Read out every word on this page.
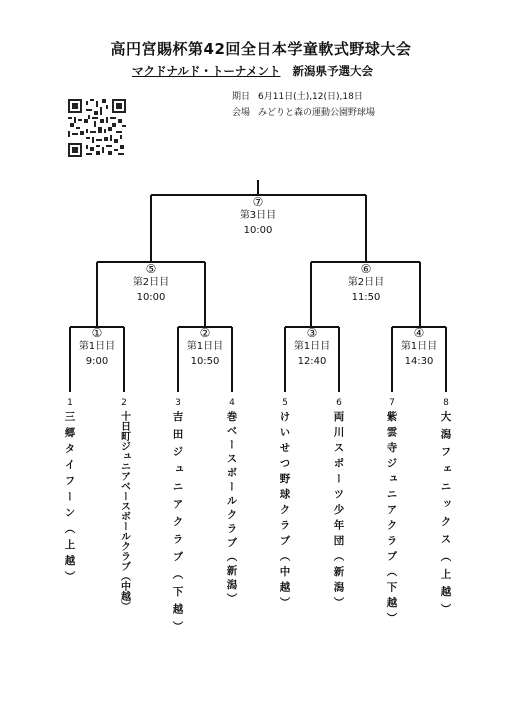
高円宮賜杯第42回全日本学童軟式野球大会
マクドナルド・トーナメント 新潟県予選大会
期日 6月11日(土),12(日),18日
会場 みどりと森の運動公園野球場
⑦
第3日目
10:00
⑤
第2日目
10:00
⑥
第2日目
11:50
①
第1日目
9:00
②
第1日目
10:50
③
第1日目
12:40
④
第1日目
14:30
1
三郷タイフーン（上越）
2
十日町ジュニアベースボールクラブ（中越）
3
吉田ジュニアクラブ（下越）
4
巻ベースボールクラブ（新潟）
5
けいせつ野球クラブ（中越）
6
両川スポーツ少年団（新潟）
7
紫雲寺ジュニアクラブ（下越）
8
大潟フェニックス（上越）
